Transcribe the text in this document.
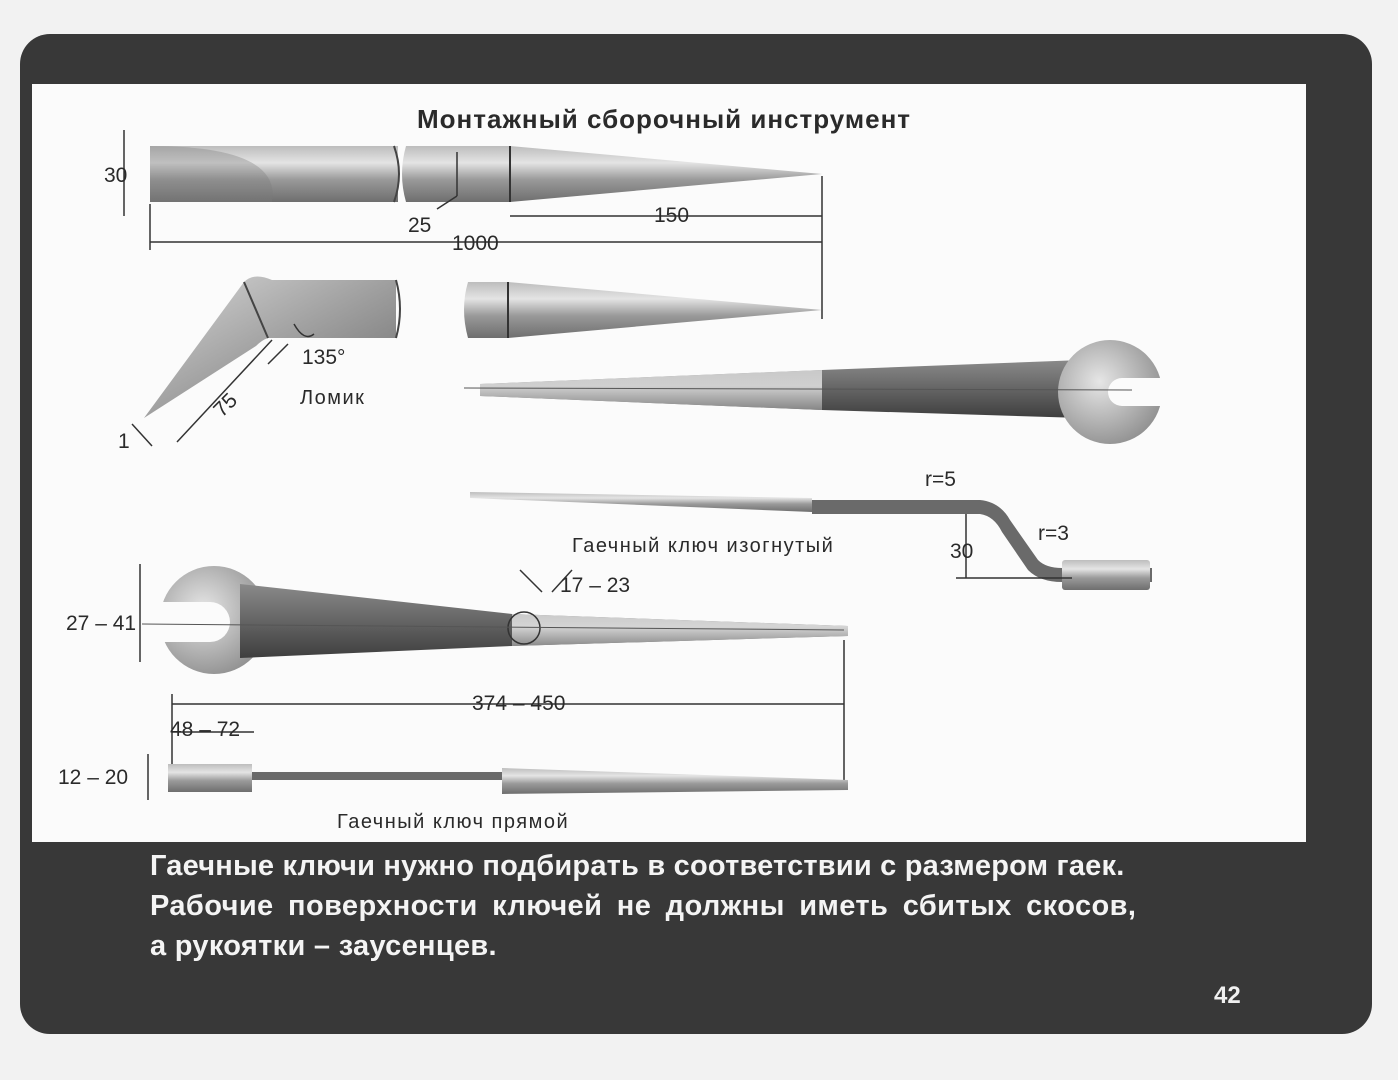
Монтажный сборочный инструмент
30
25	150
1000
135°
75
1
Ломик
r=5
r=3
30
Гаечный ключ изогнутый
27 – 41
17 – 23
374 – 450
48 – 72
12 – 20
Гаечный ключ прямой
Гаечные ключи нужно подбирать в соответствии с размером гаек.
Рабочие поверхности ключей не должны иметь сбитых скосов,
а рукоятки – заусенцев.
42
